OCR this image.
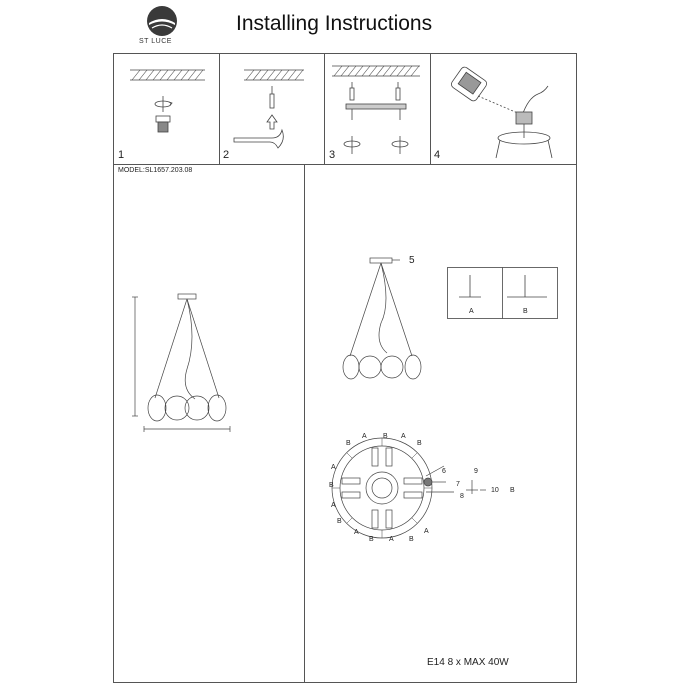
ST LUCE
Installing Instructions
1	2	3	4
MODEL:SL1657.203.08
5
A	B
6
7
8
9
10 B
A B A
B	B
A
B
A
B
A
B A B
A
E14 8 x MAX 40W
